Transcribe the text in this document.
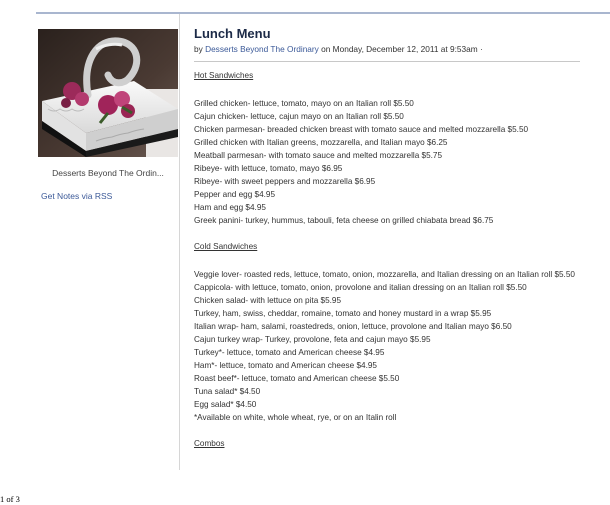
Desserts Beyond The Ordin...
Get Notes via RSS
Lunch Menu
by Desserts Beyond The Ordinary on Monday, December 12, 2011 at 9:53am ·
Hot Sandwiches
Grilled chicken- lettuce, tomato, mayo on an Italian roll $5.50
Cajun chicken- lettuce, cajun mayo on an Italian roll $5.50
Chicken parmesan- breaded chicken breast with tomato sauce and melted mozzarella $5.50
Grilled chicken with Italian greens, mozzarella, and Italian mayo $6.25
Meatball parmesan- with tomato sauce and melted mozzarella $5.75
Ribeye- with lettuce, tomato, mayo $6.95
Ribeye- with sweet peppers and mozzarella $6.95
Pepper and egg $4.95
Ham and egg $4.95
Greek panini- turkey, hummus, tabouli, feta cheese on grilled chiabata bread $6.75
Cold Sandwiches
Veggie lover- roasted reds, lettuce, tomato, onion, mozzarella, and Italian dressing on an Italian roll $5.50
Cappicola- with lettuce, tomato, onion, provolone and italian dressing on an Italian roll $5.50
Chicken salad- with lettuce on pita $5.95
Turkey, ham, swiss, cheddar, romaine, tomato and honey mustard in a wrap $5.95
Italian wrap- ham, salami, roastedreds, onion, lettuce, provolone and Italian mayo $6.50
Cajun turkey wrap- Turkey, provolone, feta and cajun mayo $5.95
Turkey*- lettuce, tomato and American cheese $4.95
Ham*- lettuce, tomato and American cheese $4.95
Roast beef*- lettuce, tomato and American cheese $5.50
Tuna salad* $4.50
Egg salad* $4.50
*Available on white, whole wheat, rye, or on an Italin roll
Combos
1 of 3
